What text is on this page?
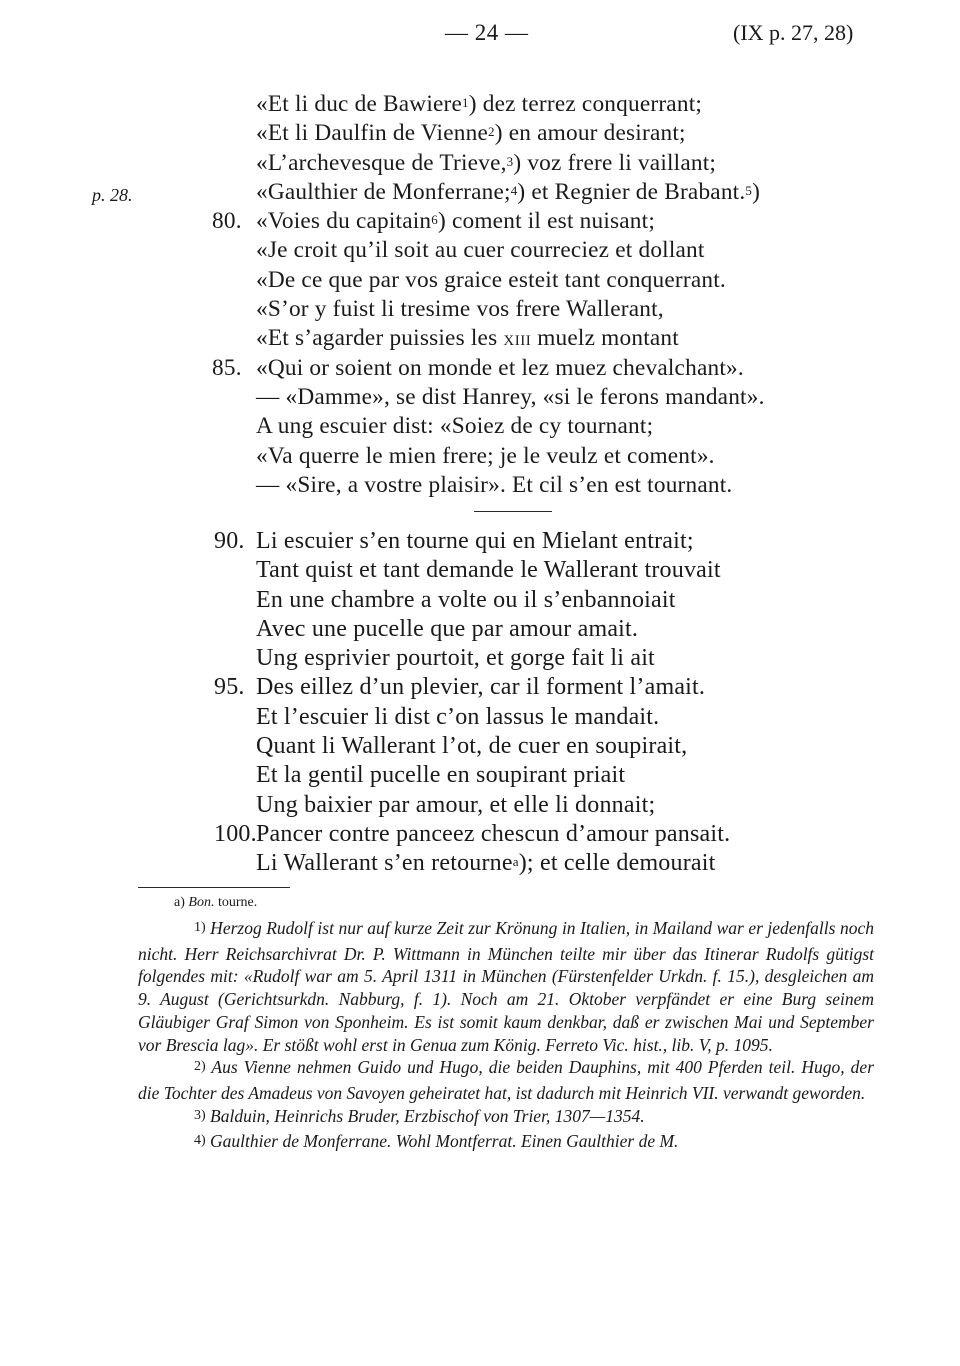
— 24 —	(IX p. 27, 28)
p. 28.
«Et li duc de Bawiere$^1$) dez terrez conquerrant;
«Et li Daulfin de Vienne$^2$) en amour desirant;
«L’archevesque de Trieve,$^3$) voz frere li vaillant;
«Gaulthier de Monferrane;$^4$) et Regnier de Brabant.$^5$)
80. «Voies du capitain$^6$) coment il est nuisant;
«Je croit qu’il soit au cuer courreciez et dollant
«De ce que par vos graice esteit tant conquerrant.
«S’or y fuist li tresime vos frere Wallerant,
«Et s’agarder puissies les XIII muelz montant
85. «Qui or soient on monde et lez muez chevalchant».
— «Damme», se dist Hanrey, «si le ferons mandant».
A ung escuier dist: «Soiez de cy tournant;
«Va querre le mien frere; je le veulz et coment».
— «Sire, a vostre plaisir». Et cil s’en est tournant.
90. Li escuier s’en tourne qui en Mielant entrait;
Tant quist et tant demande le Wallerant trouvait
En une chambre a volte ou il s’enbannoiait
Avec une pucelle que par amour amait.
Ung esprivier pourtoit, et gorge fait li ait
95. Des eillez d’un plevier, car il forment l’amait.
Et l’escuier li dist c’on lassus le mandait.
Quant li Wallerant l’ot, de cuer en soupirait,
Et la gentil pucelle en soupirant priait
Ung baixier par amour, et elle li donnait;
100. Pancer contre panceez chescun d’amour pansait.
Li Wallerant s’en retourne$^a$); et celle demourait
a) Bon. tourne.
1) Herzog Rudolf ist nur auf kurze Zeit zur Krönung in Italien, in Mailand war er jedenfalls noch nicht. Herr Reichsarchivrat Dr. P. Wittmann in München teilte mir über das Itinerar Rudolfs gütigst folgendes mit: «Rudolf war am 5. April 1311 in München (Fürstenfelder Urkdn. f. 15.), desgleichen am 9. August (Gerichtsurkdn. Nabburg, f. 1). Noch am 21. Oktober verpfändet er eine Burg seinem Gläubiger Graf Simon von Sponheim. Es ist somit kaum denkbar, daß er zwischen Mai und September vor Brescia lag». Er stößt wohl erst in Genua zum König. Ferreto Vic. hist., lib. V, p. 1095.
2) Aus Vienne nehmen Guido und Hugo, die beiden Dauphins, mit 400 Pferden teil. Hugo, der die Tochter des Amadeus von Savoyen geheiratet hat, ist dadurch mit Heinrich VII. verwandt geworden.
3) Balduin, Heinrichs Bruder, Erzbischof von Trier, 1307—1354.
4) Gaulthier de Monferrane. Wohl Montferrat. Einen Gaulthier de M.
